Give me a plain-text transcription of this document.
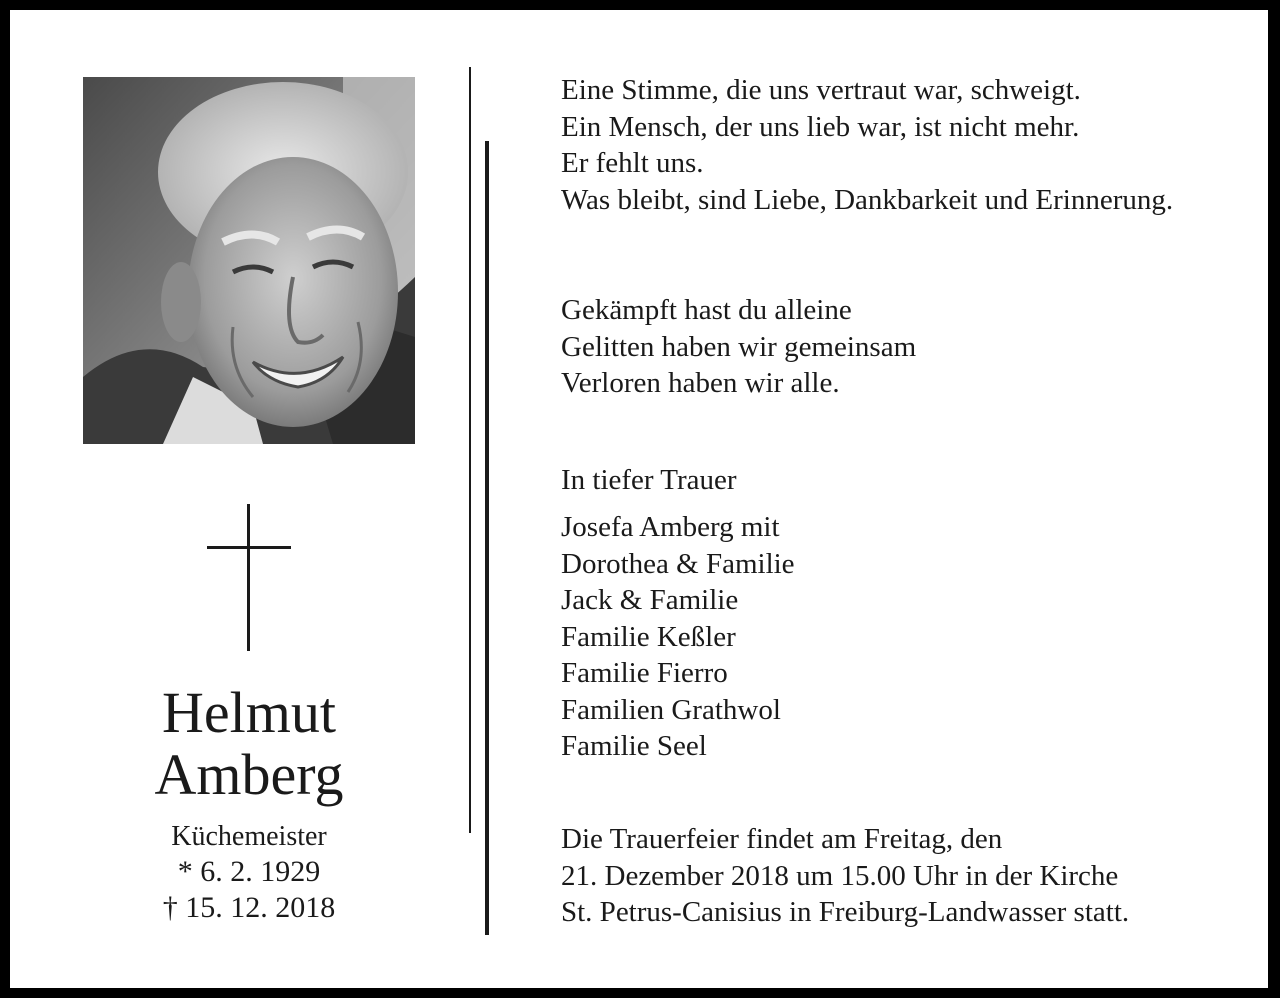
Helmut
Amberg
Küchemeister
* 6. 2. 1929
† 15. 12. 2018
Eine Stimme, die uns vertraut war, schweigt.
Ein Mensch, der uns lieb war, ist nicht mehr.
Er fehlt uns.
Was bleibt, sind Liebe, Dankbarkeit und Erinnerung.
Gekämpft hast du alleine
Gelitten haben wir gemeinsam
Verloren haben wir alle.
In tiefer Trauer
Josefa Amberg mit
Dorothea & Familie
Jack & Familie
Familie Keßler
Familie Fierro
Familien Grathwol
Familie Seel
Die Trauerfeier findet am Freitag, den
21. Dezember 2018 um 15.00 Uhr in der Kirche
St. Petrus-Canisius in Freiburg-Landwasser statt.
